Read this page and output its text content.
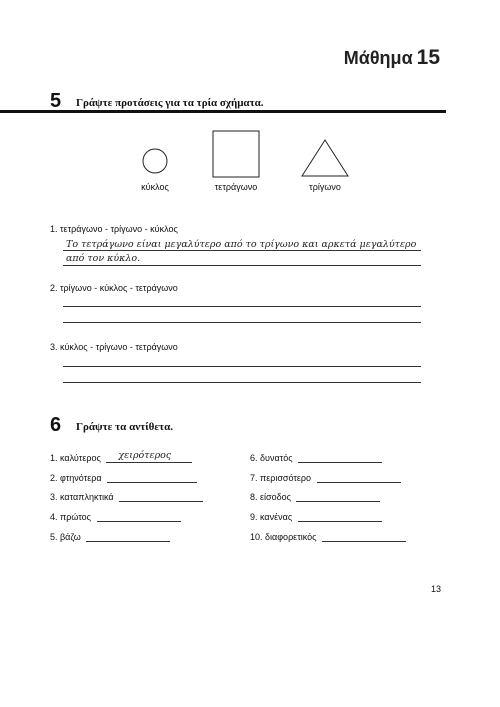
Μάθημα 15
5 Γράψτε προτάσεις για τα τρία σχήματα.
κύκλος	τετράγωνο	τρίγωνο
1. τετράγωνο - τρίγωνο - κύκλος
Το τετράγωνο είναι μεγαλύτερο από το τρίγωνο και αρκετά μεγαλύτερο
από τον κύκλο.
2. τρίγωνο - κύκλος - τετράγωνο
3. κύκλος - τρίγωνο - τετράγωνο
6 Γράψτε τα αντίθετα.
1. καλύτερος χειρότερος
2. φτηνότερα
3. καταπληκτικά
4. πρώτος
5. βάζω
6. δυνατός
7. περισσότερο
8. είσοδος
9. κανένας
10. διαφορετικός
13
